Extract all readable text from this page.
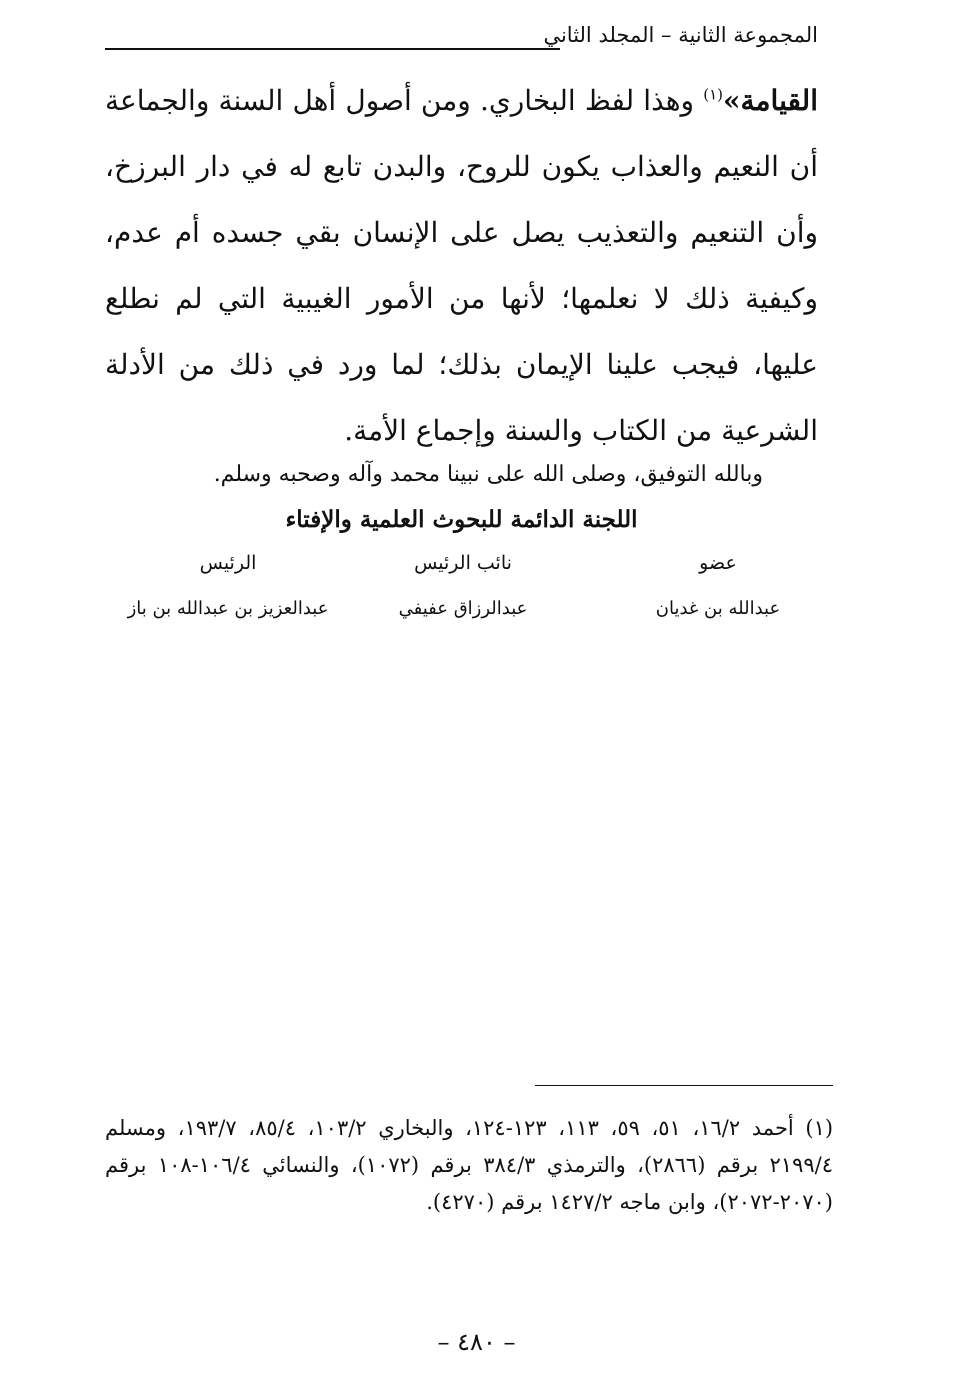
المجموعة الثانية – المجلد الثاني

القيامة»$^{(١)}$ وهذا لفظ البخاري. ومن أصول أهل السنة والجماعة أن النعيم والعذاب يكون للروح، والبدن تابع له في دار البرزخ، وأن التنعيم والتعذيب يصل على الإنسان بقي جسده أم عدم، وكيفية ذلك لا نعلمها؛ لأنها من الأمور الغيبية التي لم نطلع عليها، فيجب علينا الإيمان بذلك؛ لما ورد في ذلك من الأدلة الشرعية من الكتاب والسنة وإجماع الأمة.

وبالله التوفيق، وصلى الله على نبينا محمد وآله وصحبه وسلم.
اللجنة الدائمة للبحوث العلمية والإفتاء
عضو
عبدالله بن غديان
نائب الرئيس
عبدالرزاق عفيفي
الرئيس
عبدالعزيز بن عبدالله بن باز
(١) أحمد ١٦/٢، ٥١، ٥٩، ١١٣، ١٢٣-١٢٤، والبخاري ١٠٣/٢، ٨٥/٤، ١٩٣/٧، ومسلم ٢١٩٩/٤ برقم (٢٨٦٦)، والترمذي ٣٨٤/٣ برقم (١٠٧٢)، والنسائي ١٠٦/٤-١٠٨ برقم (٢٠٧٠-٢٠٧٢)، وابن ماجه ١٤٢٧/٢ برقم (٤٢٧٠).
– ٤٨٠ –
